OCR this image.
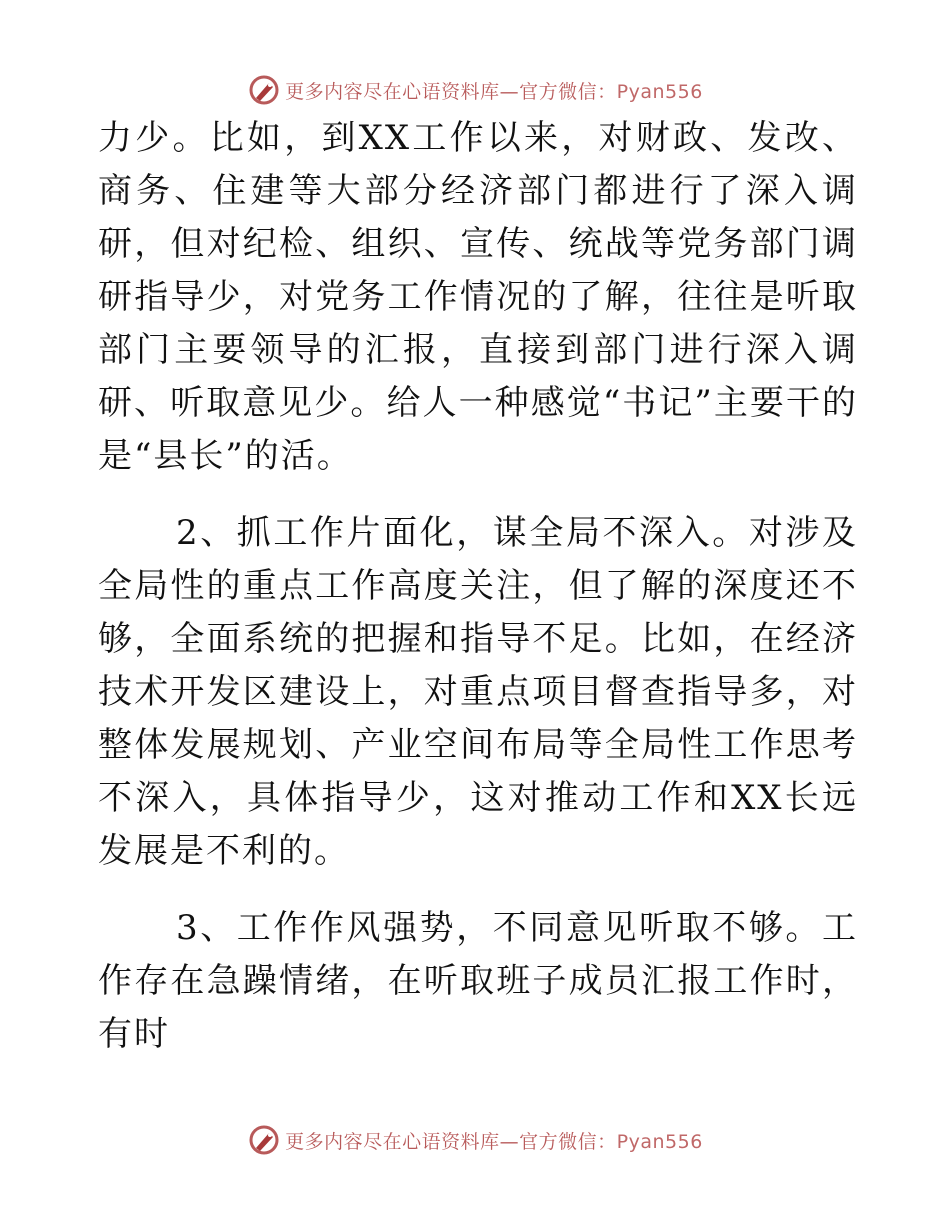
更多内容尽在心语资料库—官方微信：Pyan556

力少。比如，到XX工作以来，对财政、发改、商务、住建等大部分经济部门都进行了深入调研，但对纪检、组织、宣传、统战等党务部门调研指导少，对党务工作情况的了解，往往是听取部门主要领导的汇报，直接到部门进行深入调研、听取意见少。给人一种感觉“书记”主要干的是“县长”的活。

2、抓工作片面化，谋全局不深入。对涉及全局性的重点工作高度关注，但了解的深度还不够，全面系统的把握和指导不足。比如，在经济技术开发区建设上，对重点项目督查指导多，对整体发展规划、产业空间布局等全局性工作思考不深入，具体指导少，这对推动工作和XX长远发展是不利的。

3、工作作风强势，不同意见听取不够。工作存在急躁情绪，在听取班子成员汇报工作时，有时

更多内容尽在心语资料库—官方微信：Pyan556
